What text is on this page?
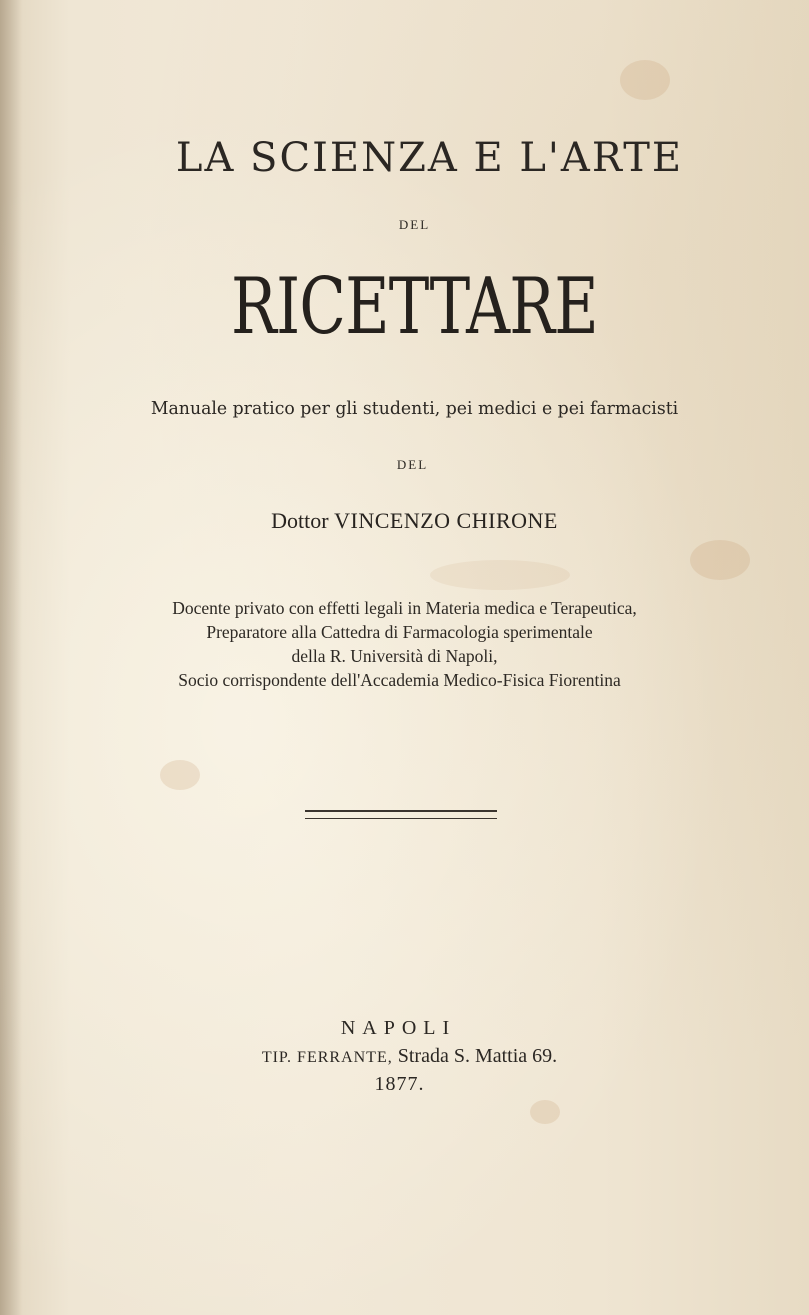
LA SCIENZA E L'ARTE
DEL
RICETTARE
Manuale pratico per gli studenti, pei medici e pei farmacisti
DEL
Dottor VINCENZO CHIRONE
Docente privato con effetti legali in Materia medica e Terapeutica,
Preparatore alla Cattedra di Farmacologia sperimentale
della R. Università di Napoli,
Socio corrispondente dell'Accademia Medico-Fisica Fiorentina
NAPOLI
TIP. FERRANTE, Strada S. Mattia 69.
1877.
